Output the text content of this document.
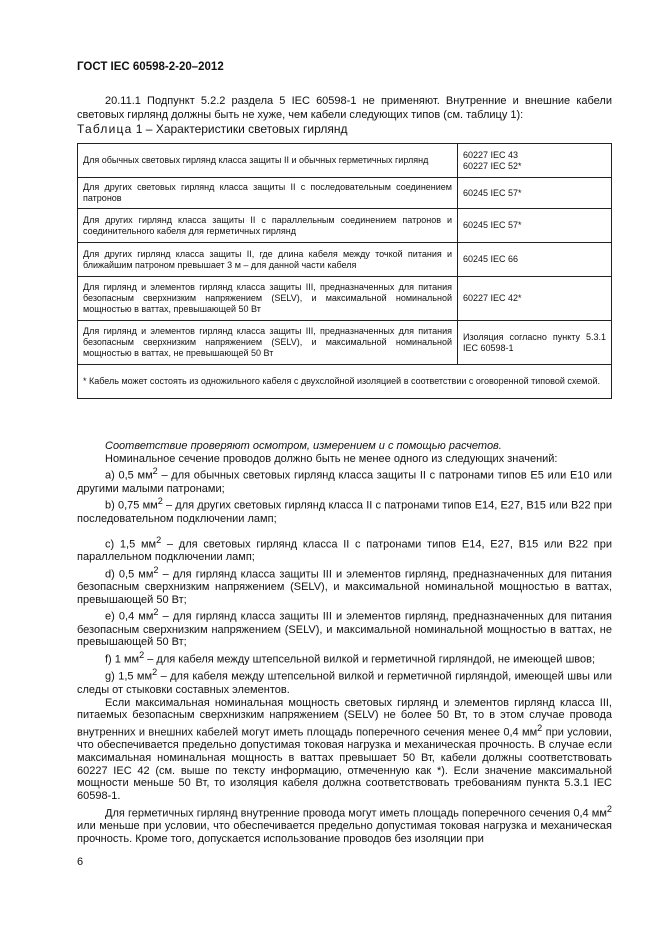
ГОСТ IEC 60598-2-20–2012

20.11.1 Подпункт 5.2.2 раздела 5 IEC 60598-1 не применяют. Внутренние и внешние кабели световых гирлянд должны быть не хуже, чем кабели следующих типов (см. таблицу 1):

Таблица 1 – Характеристики световых гирлянд
Для обычных световых гирлянд класса защиты II и обычных герметичных гирлянд	60227 IEC 43
60227 IEC 52*

Для других световых гирлянд класса защиты II с последовательным соединением патронов	60245 IEC 57*

Для других гирлянд класса защиты II с параллельным соединением патронов и соединительного кабеля для герметичных гирлянд	60245 IEC 57*

Для других гирлянд класса защиты II, где длина кабеля между точкой питания и ближайшим патроном превышает 3 м – для данной части кабеля	60245 IEC 66

Для гирлянд и элементов гирлянд класса защиты III, предназначенных для питания безопасным сверхнизким напряжением (SELV), и максимальной номинальной мощностью в ваттах, превышающей 50 Вт	60227 IEC 42*

Для гирлянд и элементов гирлянд класса защиты III, предназначенных для питания безопасным сверхнизким напряжением (SELV), и максимальной номинальной мощностью в ваттах, не превышающей 50 Вт	Изоляция согласно пункту 5.3.1 IEC 60598-1

* Кабель может состоять из одножильного кабеля с двухслойной изоляцией в соответствии с оговоренной типовой схемой.	

Соответствие проверяют осмотром, измерением и с помощью расчетов.

Номинальное сечение проводов должно быть не менее одного из следующих значений:

а) 0,5 $мм^2$ – для обычных световых гирлянд класса защиты II с патронами типов Е5 или Е10 или другими малыми патронами;

b) 0,75 $мм^2$ – для других световых гирлянд класса II с патронами типов Е14, Е27, В15 или В22 при последовательном подключении ламп;

с) 1,5 $мм^2$ – для световых гирлянд класса II с патронами типов Е14, Е27, В15 или В22 при параллельном подключении ламп;

d) 0,5 $мм^2$ – для гирлянд класса защиты III и элементов гирлянд, предназначенных для питания безопасным сверхнизким напряжением (SELV), и максимальной номинальной мощностью в ваттах, превышающей 50 Вт;

е) 0,4 $мм^2$ – для гирлянд класса защиты III и элементов гирлянд, предназначенных для питания безопасным сверхнизким напряжением (SELV), и максимальной номинальной мощностью в ваттах, не превышающей 50 Вт;

f) 1 $мм^2$ – для кабеля между штепсельной вилкой и герметичной гирляндой, не имеющей швов;

g) 1,5 $мм^2$ – для кабеля между штепсельной вилкой и герметичной гирляндой, имеющей швы или следы от стыковки составных элементов.

Если максимальная номинальная мощность световых гирлянд и элементов гирлянд класса III, питаемых безопасным сверхнизким напряжением (SELV) не более 50 Вт, то в этом случае провода внутренних и внешних кабелей могут иметь площадь поперечного сечения менее 0,4 $мм^2$ при условии, что обеспечивается предельно допустимая токовая нагрузка и механическая прочность. В случае если максимальная номинальная мощность в ваттах превышает 50 Вт, кабели должны соответствовать 60227 IEC 42 (см. выше по тексту информацию, отмеченную как *). Если значение максимальной мощности меньше 50 Вт, то изоляция кабеля должна соответствовать требованиям пункта 5.3.1 IEC 60598-1.

Для герметичных гирлянд внутренние провода могут иметь площадь поперечного сечения 0,4 $мм^2$ или меньше при условии, что обеспечивается предельно допустимая токовая нагрузка и механическая прочность. Кроме того, допускается использование проводов без изоляции при

6
